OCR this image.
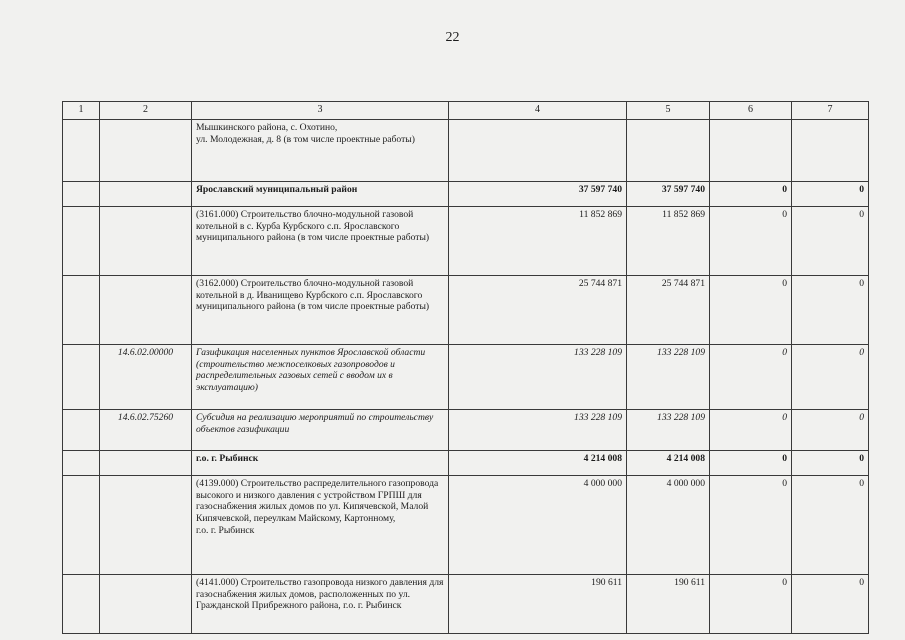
22
1	2	3	4	5	6	7
		Мышкинского района, с. Охотино,
ул. Молодежная, д. 8 (в том числе проектные работы)				
		Ярославский муниципальный район	37 597 740	37 597 740	0	0
		(3161.000) Строительство блочно-модульной газовой котельной в с. Курба Курбского с.п. Ярославского муниципального района (в том числе проектные работы)	11 852 869	11 852 869	0	0
		(3162.000) Строительство блочно-модульной газовой котельной в д. Иванищево Курбского с.п. Ярославского муниципального района (в том числе проектные работы)	25 744 871	25 744 871	0	0
	14.6.02.00000	Газификация населенных пунктов Ярославской области (строительство межпоселковых газопроводов и распределительных газовых сетей с вводом их в эксплуатацию)	133 228 109	133 228 109	0	0
	14.6.02.75260	Субсидия на реализацию мероприятий по строительству объектов газификации	133 228 109	133 228 109	0	0
		г.о. г. Рыбинск	4 214 008	4 214 008	0	0
		(4139.000) Строительство распределительного газопровода высокого и низкого давления с устройством ГРПШ для газоснабжения жилых домов по ул. Кипячевской, Малой Кипячевской, переулкам Майскому, Картонному,
г.о. г. Рыбинск	4 000 000	4 000 000	0	0
		(4141.000) Строительство газопровода низкого давления для газоснабжения жилых домов, расположенных по ул. Гражданской Прибрежного района, г.о. г. Рыбинск	190 611	190 611	0	0
